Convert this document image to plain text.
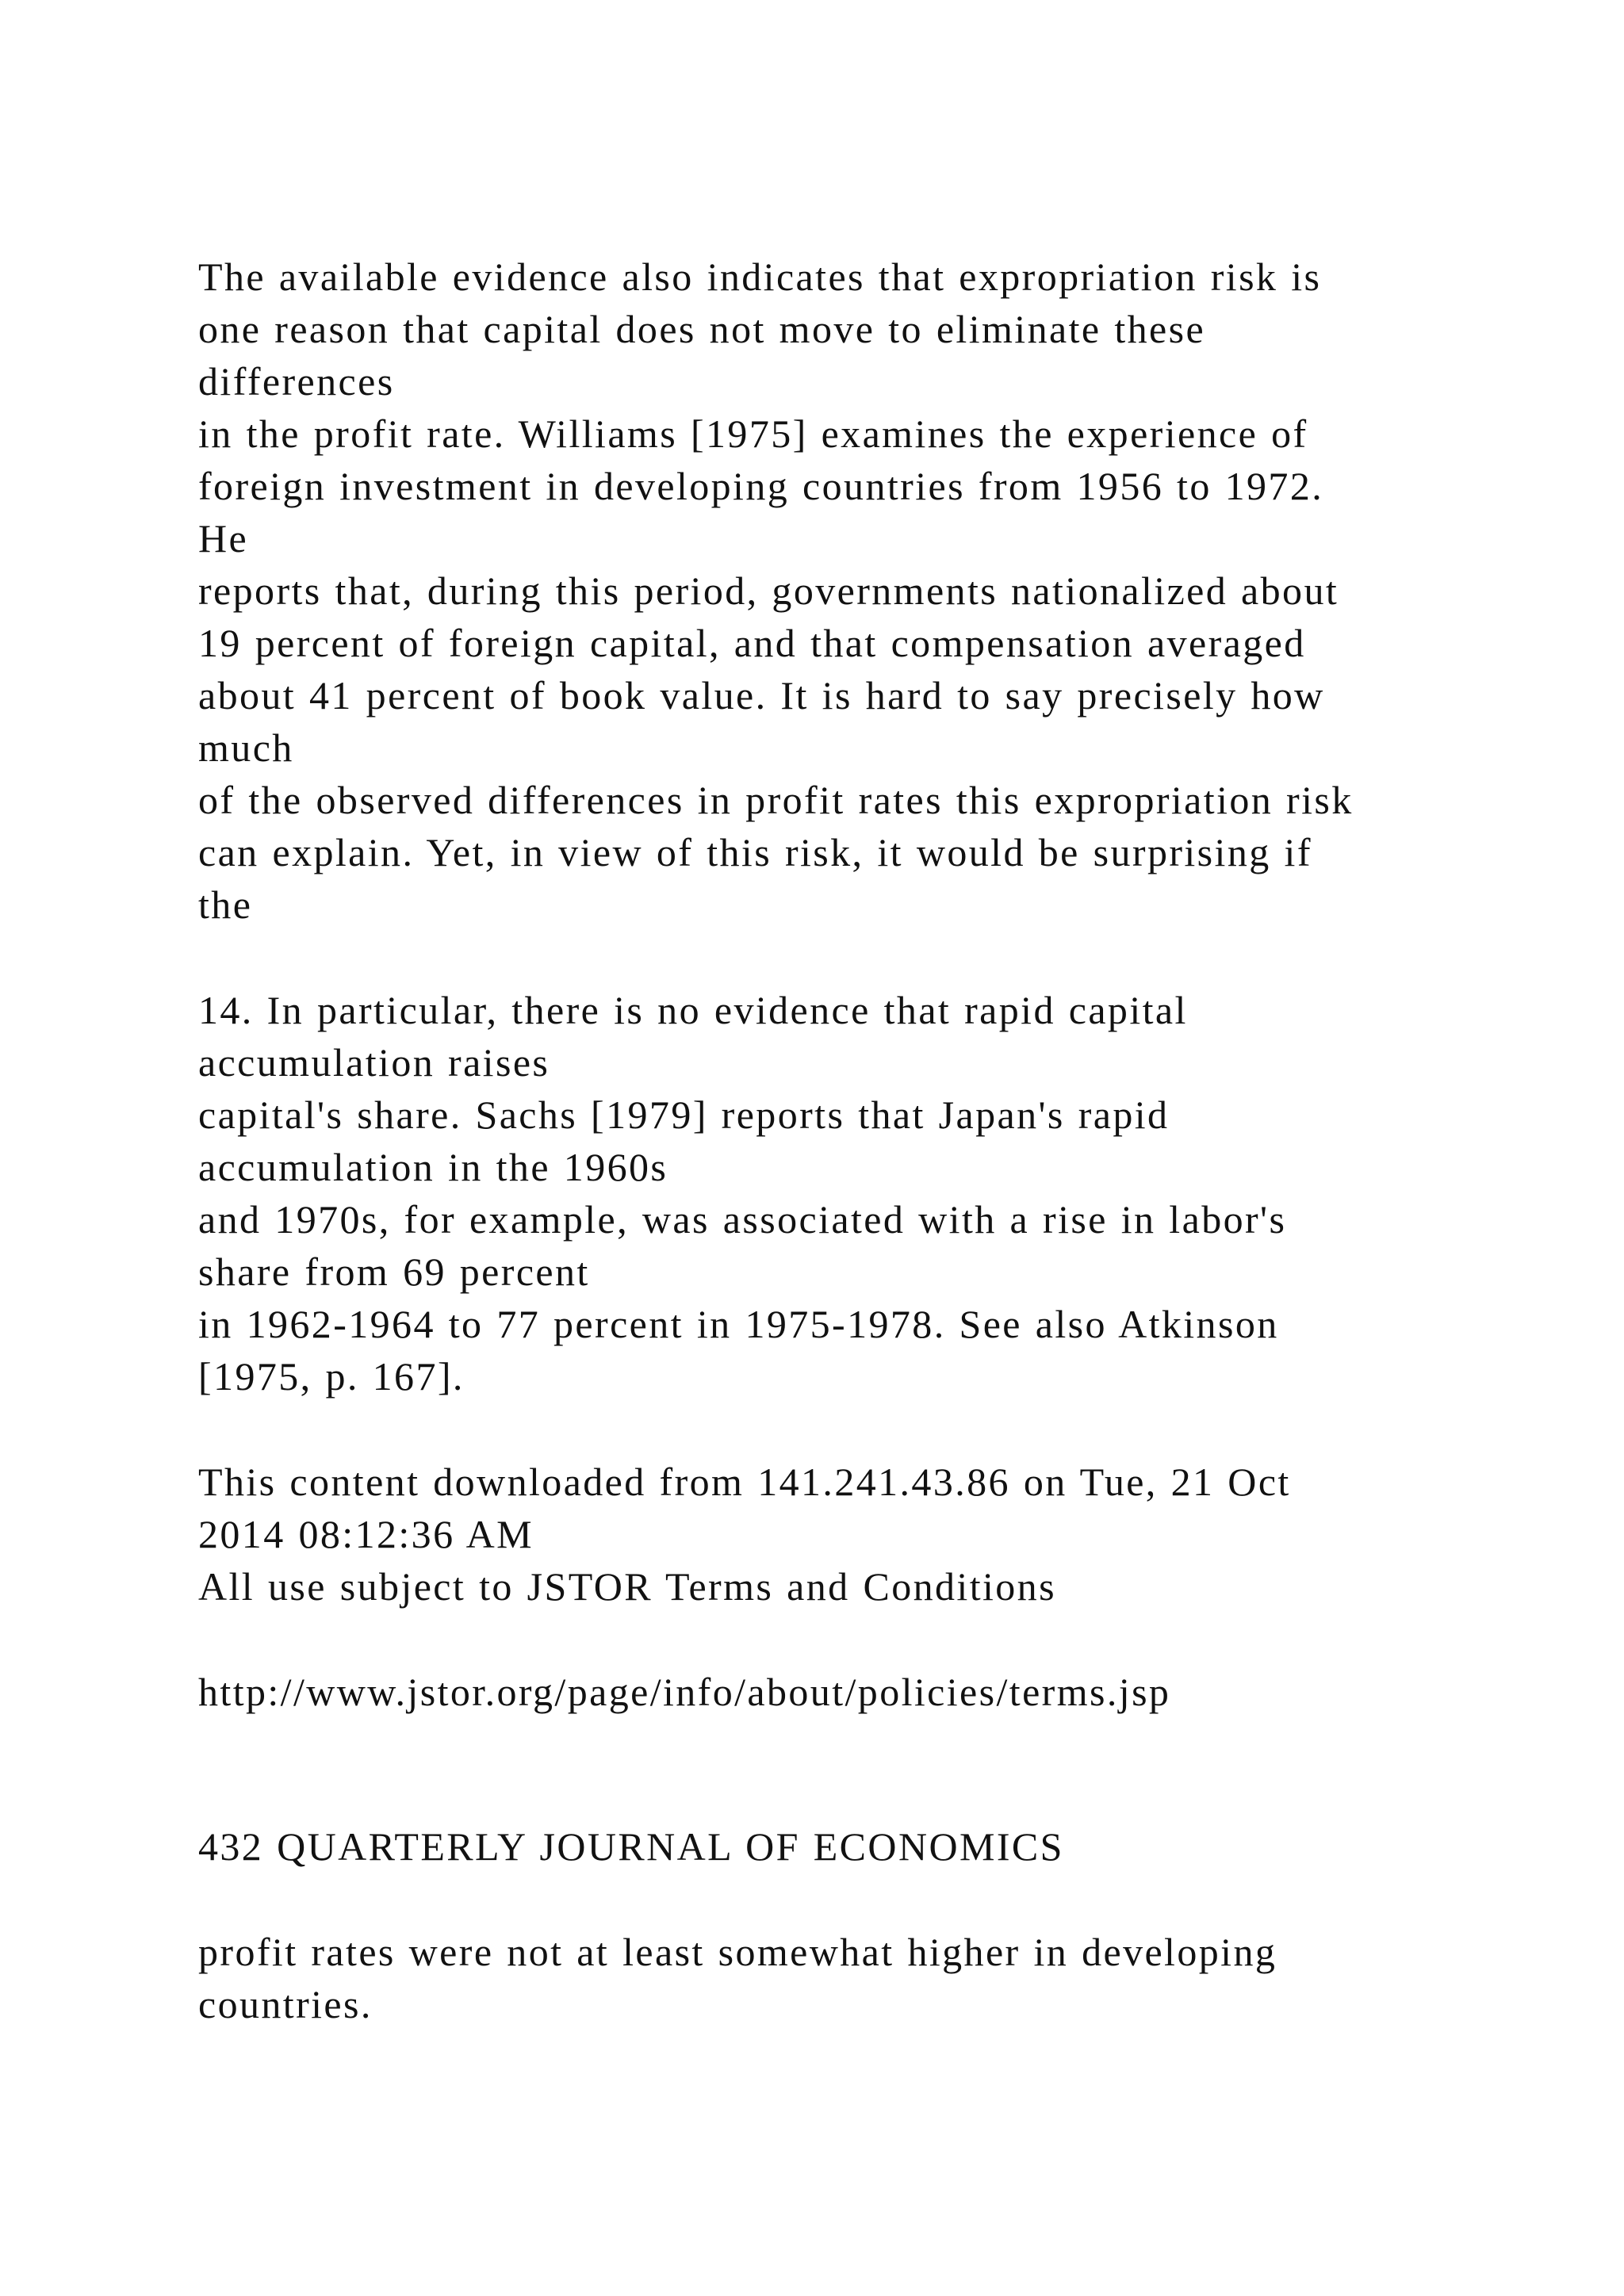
The available evidence also indicates that expropriation risk is

one reason that capital does not move to eliminate these

differences

in the profit rate. Williams [1975] examines the experience of

foreign investment in developing countries from 1956 to 1972.

He

reports that, during this period, governments nationalized about

19 percent of foreign capital, and that compensation averaged

about 41 percent of book value. It is hard to say precisely how

much

of the observed differences in profit rates this expropriation risk

can explain. Yet, in view of this risk, it would be surprising if

the

14. In particular, there is no evidence that rapid capital

accumulation raises

capital's share. Sachs [1979] reports that Japan's rapid

accumulation in the 1960s

and 1970s, for example, was associated with a rise in labor's

share from 69 percent

in 1962-1964 to 77 percent in 1975-1978. See also Atkinson

[1975, p. 167].

This content downloaded from 141.241.43.86 on Tue, 21 Oct

2014 08:12:36 AM

All use subject to JSTOR Terms and Conditions

http://www.jstor.org/page/info/about/policies/terms.jsp

432 QUARTERLY JOURNAL OF ECONOMICS

profit rates were not at least somewhat higher in developing

countries.
